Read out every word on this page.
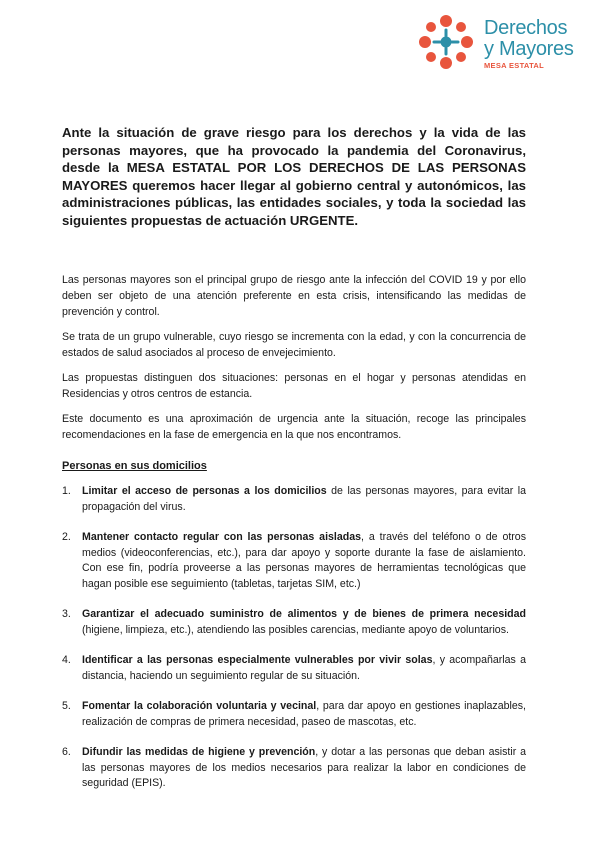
Derechos
y Mayores
MESA ESTATAL

Ante la situación de grave riesgo para los derechos y la vida de las personas mayores, que ha provocado la pandemia del Coronavirus, desde la MESA ESTATAL POR LOS DERECHOS DE LAS PERSONAS MAYORES queremos hacer llegar al gobierno central y autonómicos, las administraciones públicas, las entidades sociales, y toda la sociedad las siguientes propuestas de actuación URGENTE.

Las personas mayores son el principal grupo de riesgo ante la infección del COVID 19 y por ello deben ser objeto de una atención preferente en esta crisis, intensificando las medidas de prevención y control.

Se trata de un grupo vulnerable, cuyo riesgo se incrementa con la edad, y con la concurrencia de estados de salud asociados al proceso de envejecimiento.

Las propuestas distinguen dos situaciones: personas en el hogar y personas atendidas en Residencias y otros centros de estancia.

Este documento es una aproximación de urgencia ante la situación, recoge las principales recomendaciones en la fase de emergencia en la que nos encontramos.

Personas en sus domicilios

1. Limitar el acceso de personas a los domicilios de las personas mayores, para evitar la propagación del virus.
2. Mantener contacto regular con las personas aisladas, a través del teléfono o de otros medios (videoconferencias, etc.), para dar apoyo y soporte durante la fase de aislamiento. Con ese fin, podría proveerse a las personas mayores de herramientas tecnológicas que hagan posible ese seguimiento (tabletas, tarjetas SIM, etc.)
3. Garantizar el adecuado suministro de alimentos y de bienes de primera necesidad (higiene, limpieza, etc.), atendiendo las posibles carencias, mediante apoyo de voluntarios.
4. Identificar a las personas especialmente vulnerables por vivir solas, y acompañarlas a distancia, haciendo un seguimiento regular de su situación.
5. Fomentar la colaboración voluntaria y vecinal, para dar apoyo en gestiones inaplazables, realización de compras de primera necesidad, paseo de mascotas, etc.
6. Difundir las medidas de higiene y prevención, y dotar a las personas que deban asistir a las personas mayores de los medios necesarios para realizar la labor en condiciones de seguridad (EPIS).
